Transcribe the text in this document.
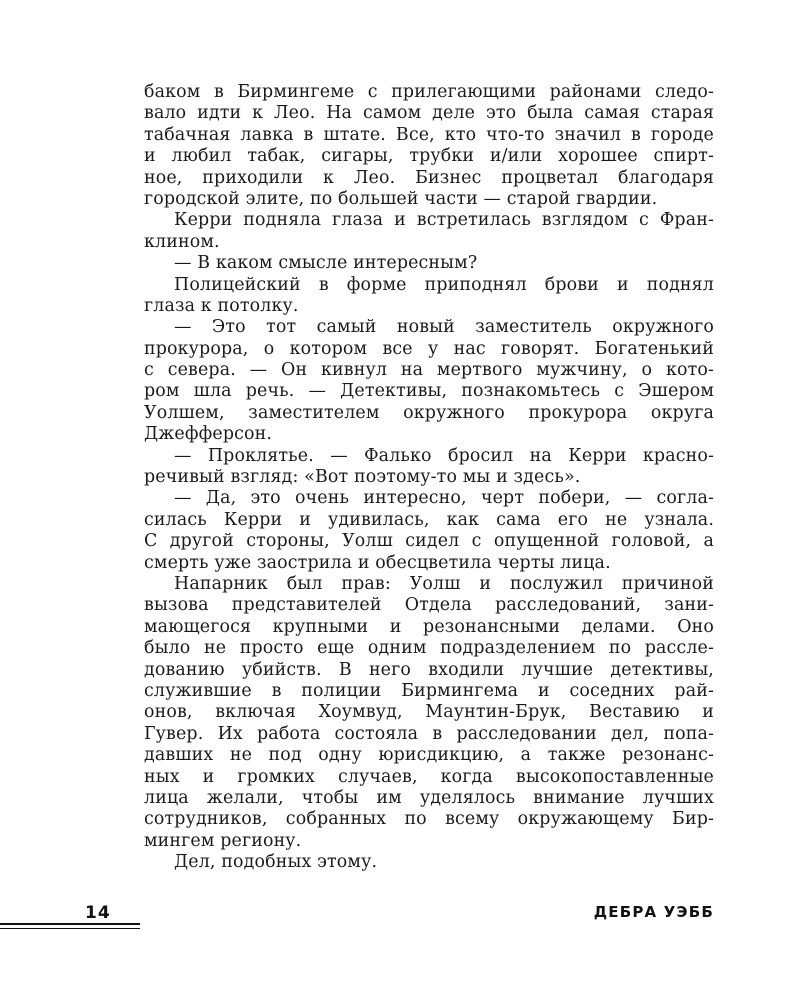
баком в Бирмингеме с прилегающими районами следо-
вало идти к Лео. На самом деле это была самая старая
табачная лавка в штате. Все, кто что-то значил в городе
и любил табак, сигары, трубки и/или хорошее спирт-
ное, приходили к Лео. Бизнес процветал благодаря
городской элите, по большей части — старой гвардии.
Керри подняла глаза и встретилась взглядом с Фран-
клином.
— В каком смысле интересным?
Полицейский в форме приподнял брови и поднял
глаза к потолку.
— Это тот самый новый заместитель окружного
прокурора, о котором все у нас говорят. Богатенький
с севера. — Он кивнул на мертвого мужчину, о кото-
ром шла речь. — Детективы, познакомьтесь с Эшером
Уолшем, заместителем окружного прокурора округа
Джефферсон.
— Проклятье. — Фалько бросил на Керри красно-
речивый взгляд: «Вот поэтому-то мы и здесь».
— Да, это очень интересно, черт побери, — согла-
силась Керри и удивилась, как сама его не узнала.
С другой стороны, Уолш сидел с опущенной головой, а
смерть уже заострила и обесцветила черты лица.
Напарник был прав: Уолш и послужил причиной
вызова представителей Отдела расследований, зани-
мающегося крупными и резонансными делами. Оно
было не просто еще одним подразделением по рассле-
дованию убийств. В него входили лучшие детективы,
служившие в полиции Бирмингема и соседних рай-
онов, включая Хоумвуд, Маунтин-Брук, Веставию и
Гувер. Их работа состояла в расследовании дел, попа-
давших не под одну юрисдикцию, а также резонанс-
ных и громких случаев, когда высокопоставленные
лица желали, чтобы им уделялось внимание лучших
сотрудников, собранных по всему окружающему Бир-
мингем региону.
Дел, подобных этому.
14	ДЕБРА УЭББ
